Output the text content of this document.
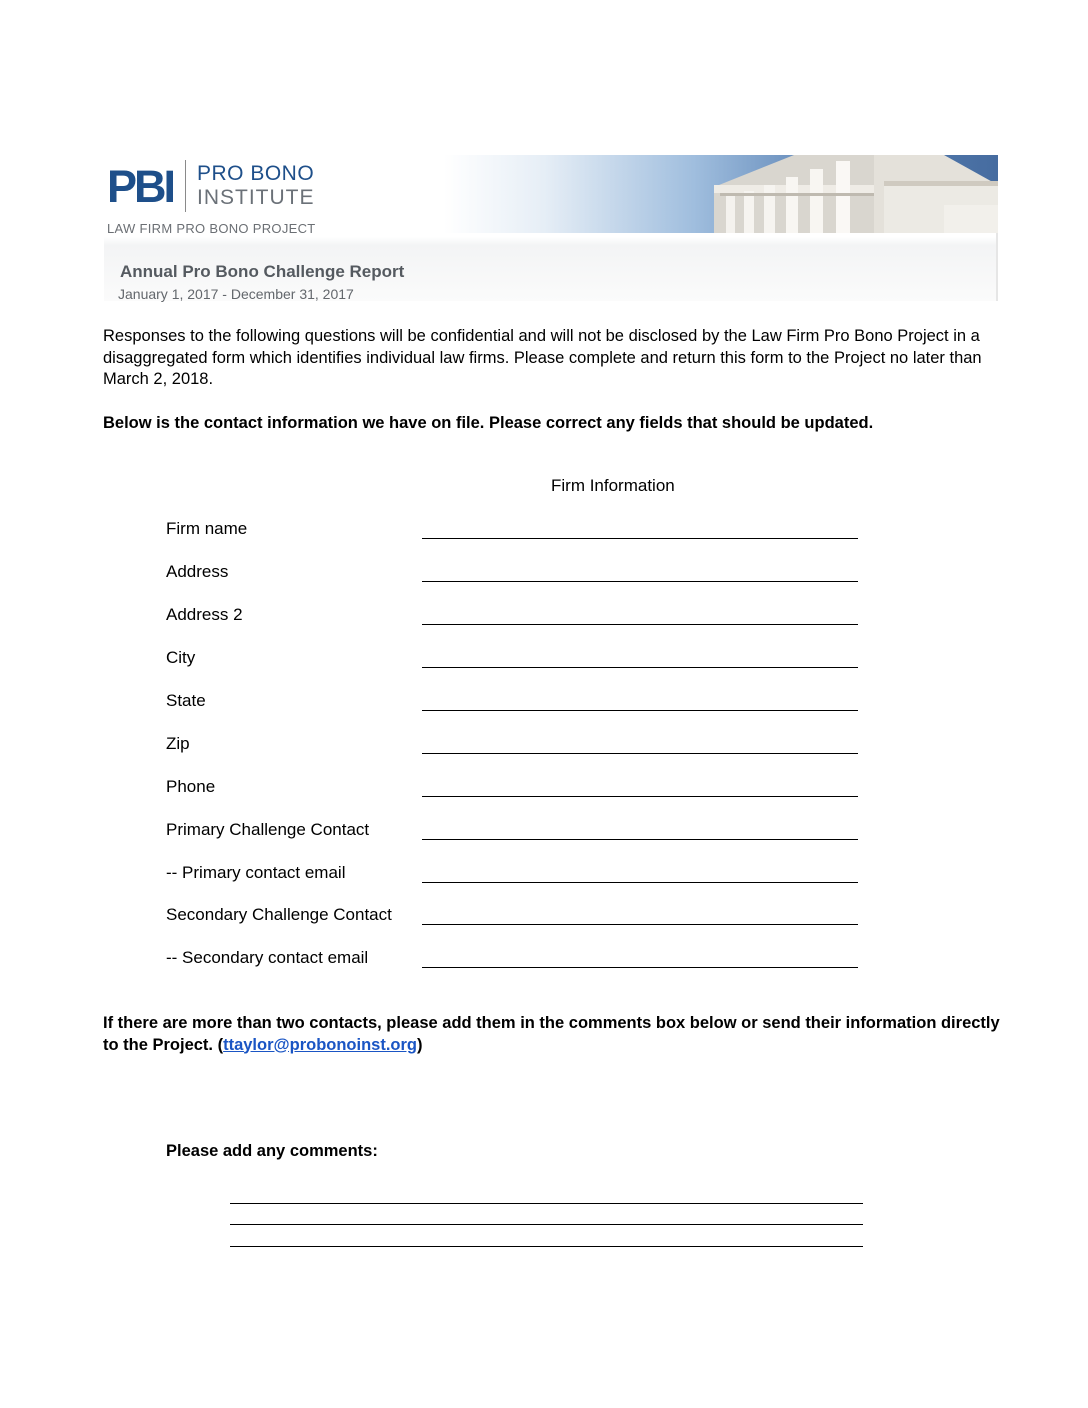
PBI PRO BONO
INSTITUTE
LAW FIRM PRO BONO PROJECT
Annual Pro Bono Challenge Report
January 1, 2017 - December 31, 2017
Responses to the following questions will be confidential and will not be disclosed by the Law Firm Pro Bono Project in a disaggregated form which identifies individual law firms. Please complete and return this form to the Project no later than March 2, 2018.
Below is the contact information we have on file. Please correct any fields that should be updated.
Firm Information
Firm name
Address
Address 2
City
State
Zip
Phone
Primary Challenge Contact
-- Primary contact email
Secondary Challenge Contact
-- Secondary contact email
If there are more than two contacts, please add them in the comments box below or send their information directly to the Project. (ttaylor@probonoinst.org)
Please add any comments:
